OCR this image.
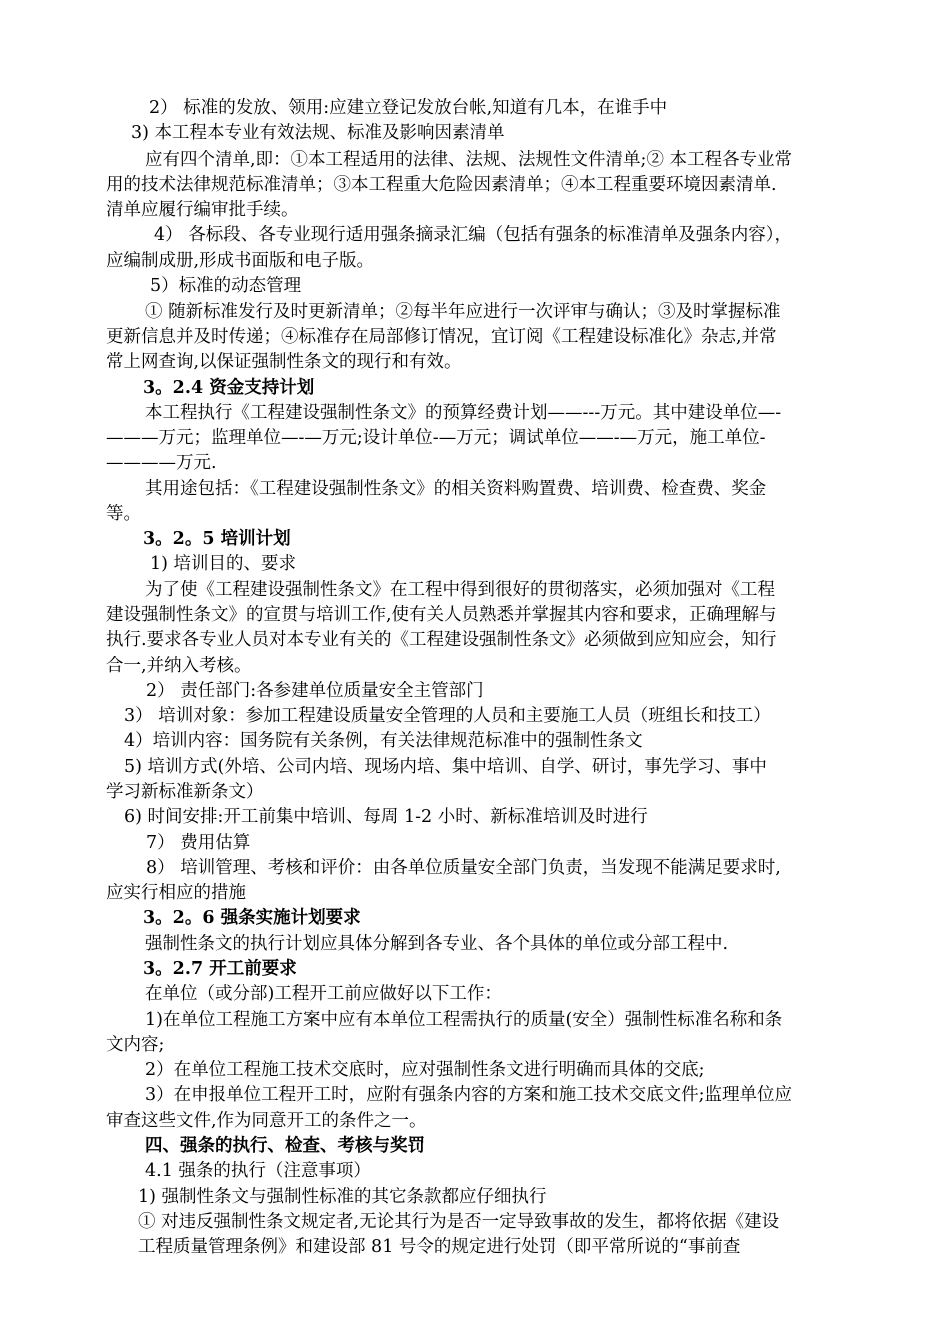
2） 标准的发放、领用:应建立登记发放台帐,知道有几本，在谁手中
3) 本工程本专业有效法规、标准及影响因素清单
应有四个清单,即：①本工程适用的法律、法规、法规性文件清单;② 本工程各专业常
用的技术法律规范标准清单；③本工程重大危险因素清单；④本工程重要环境因素清单.
清单应履行编审批手续。
4） 各标段、各专业现行适用强条摘录汇编（包括有强条的标准清单及强条内容），
应编制成册,形成书面版和电子版。
5）标准的动态管理
① 随新标准发行及时更新清单；②每半年应进行一次评审与确认；③及时掌握标准
更新信息并及时传递；④标准存在局部修订情况，宜订阅《工程建设标准化》杂志,并常
常上网查询,以保证强制性条文的现行和有效。
3。2.4 资金支持计划
本工程执行《工程建设强制性条文》的预算经费计划——---万元。其中建设单位—-
———万元；监理单位—-—万元;设计单位-—万元；调试单位——-—万元，施工单位-
————万元.
其用途包括：《工程建设强制性条文》的相关资料购置费、培训费、检查费、奖金
等。
3。2。5 培训计划
1) 培训目的、要求
为了使《工程建设强制性条文》在工程中得到很好的贯彻落实，必须加强对《工程
建设强制性条文》的宣贯与培训工作,使有关人员熟悉并掌握其内容和要求，正确理解与
执行.要求各专业人员对本专业有关的《工程建设强制性条文》必须做到应知应会，知行
合一,并纳入考核。
2） 责任部门:各参建单位质量安全主管部门
3） 培训对象：参加工程建设质量安全管理的人员和主要施工人员（班组长和技工）
4）培训内容：国务院有关条例，有关法律规范标准中的强制性条文
5) 培训方式(外培、公司内培、现场内培、集中培训、自学、研讨，事先学习、事中
学习新标准新条文）
6) 时间安排:开工前集中培训、每周 1-2 小时、新标准培训及时进行
7） 费用估算
8） 培训管理、考核和评价：由各单位质量安全部门负责，当发现不能满足要求时,
应实行相应的措施
3。2。6 强条实施计划要求
强制性条文的执行计划应具体分解到各专业、各个具体的单位或分部工程中.
3。2.7 开工前要求
在单位（或分部)工程开工前应做好以下工作：
1)在单位工程施工方案中应有本单位工程需执行的质量(安全）强制性标准名称和条
文内容;
2）在单位工程施工技术交底时，应对强制性条文进行明确而具体的交底;
3）在申报单位工程开工时，应附有强条内容的方案和施工技术交底文件;监理单位应
审查这些文件,作为同意开工的条件之一。
四、强条的执行、检查、考核与奖罚
4.1 强条的执行（注意事项）
1) 强制性条文与强制性标准的其它条款都应仔细执行
① 对违反强制性条文规定者,无论其行为是否一定导致事故的发生，都将依据《建设
工程质量管理条例》和建设部 81 号令的规定进行处罚（即平常所说的“事前查
